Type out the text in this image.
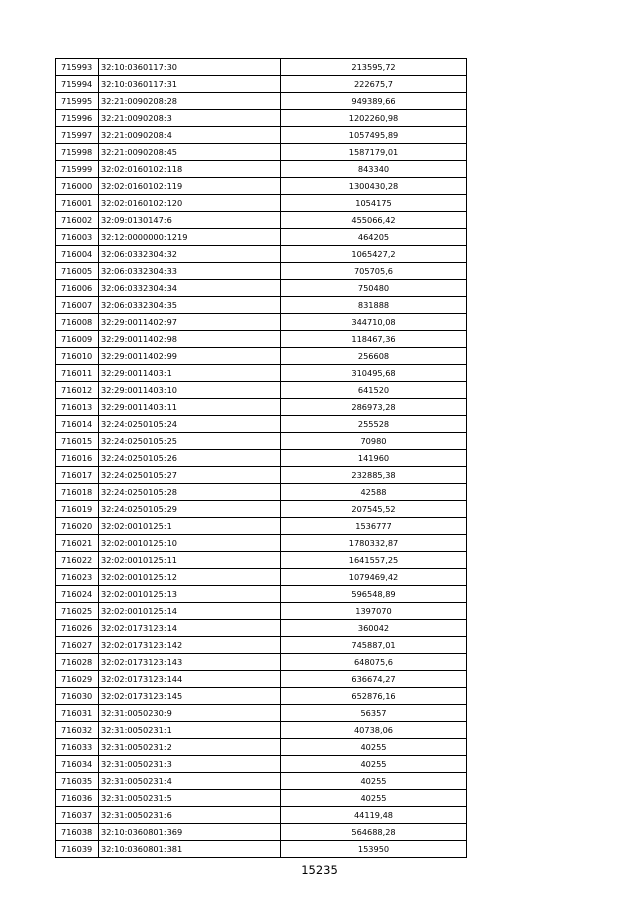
715993	32:10:0360117:30	213595,72
715994	32:10:0360117:31	222675,7
715995	32:21:0090208:28	949389,66
715996	32:21:0090208:3	1202260,98
715997	32:21:0090208:4	1057495,89
715998	32:21:0090208:45	1587179,01
715999	32:02:0160102:118	843340
716000	32:02:0160102:119	1300430,28
716001	32:02:0160102:120	1054175
716002	32:09:0130147:6	455066,42
716003	32:12:0000000:1219	464205
716004	32:06:0332304:32	1065427,2
716005	32:06:0332304:33	705705,6
716006	32:06:0332304:34	750480
716007	32:06:0332304:35	831888
716008	32:29:0011402:97	344710,08
716009	32:29:0011402:98	118467,36
716010	32:29:0011402:99	256608
716011	32:29:0011403:1	310495,68
716012	32:29:0011403:10	641520
716013	32:29:0011403:11	286973,28
716014	32:24:0250105:24	255528
716015	32:24:0250105:25	70980
716016	32:24:0250105:26	141960
716017	32:24:0250105:27	232885,38
716018	32:24:0250105:28	42588
716019	32:24:0250105:29	207545,52
716020	32:02:0010125:1	1536777
716021	32:02:0010125:10	1780332,87
716022	32:02:0010125:11	1641557,25
716023	32:02:0010125:12	1079469,42
716024	32:02:0010125:13	596548,89
716025	32:02:0010125:14	1397070
716026	32:02:0173123:14	360042
716027	32:02:0173123:142	745887,01
716028	32:02:0173123:143	648075,6
716029	32:02:0173123:144	636674,27
716030	32:02:0173123:145	652876,16
716031	32:31:0050230:9	56357
716032	32:31:0050231:1	40738,06
716033	32:31:0050231:2	40255
716034	32:31:0050231:3	40255
716035	32:31:0050231:4	40255
716036	32:31:0050231:5	40255
716037	32:31:0050231:6	44119,48
716038	32:10:0360801:369	564688,28
716039	32:10:0360801:381	153950
15235
